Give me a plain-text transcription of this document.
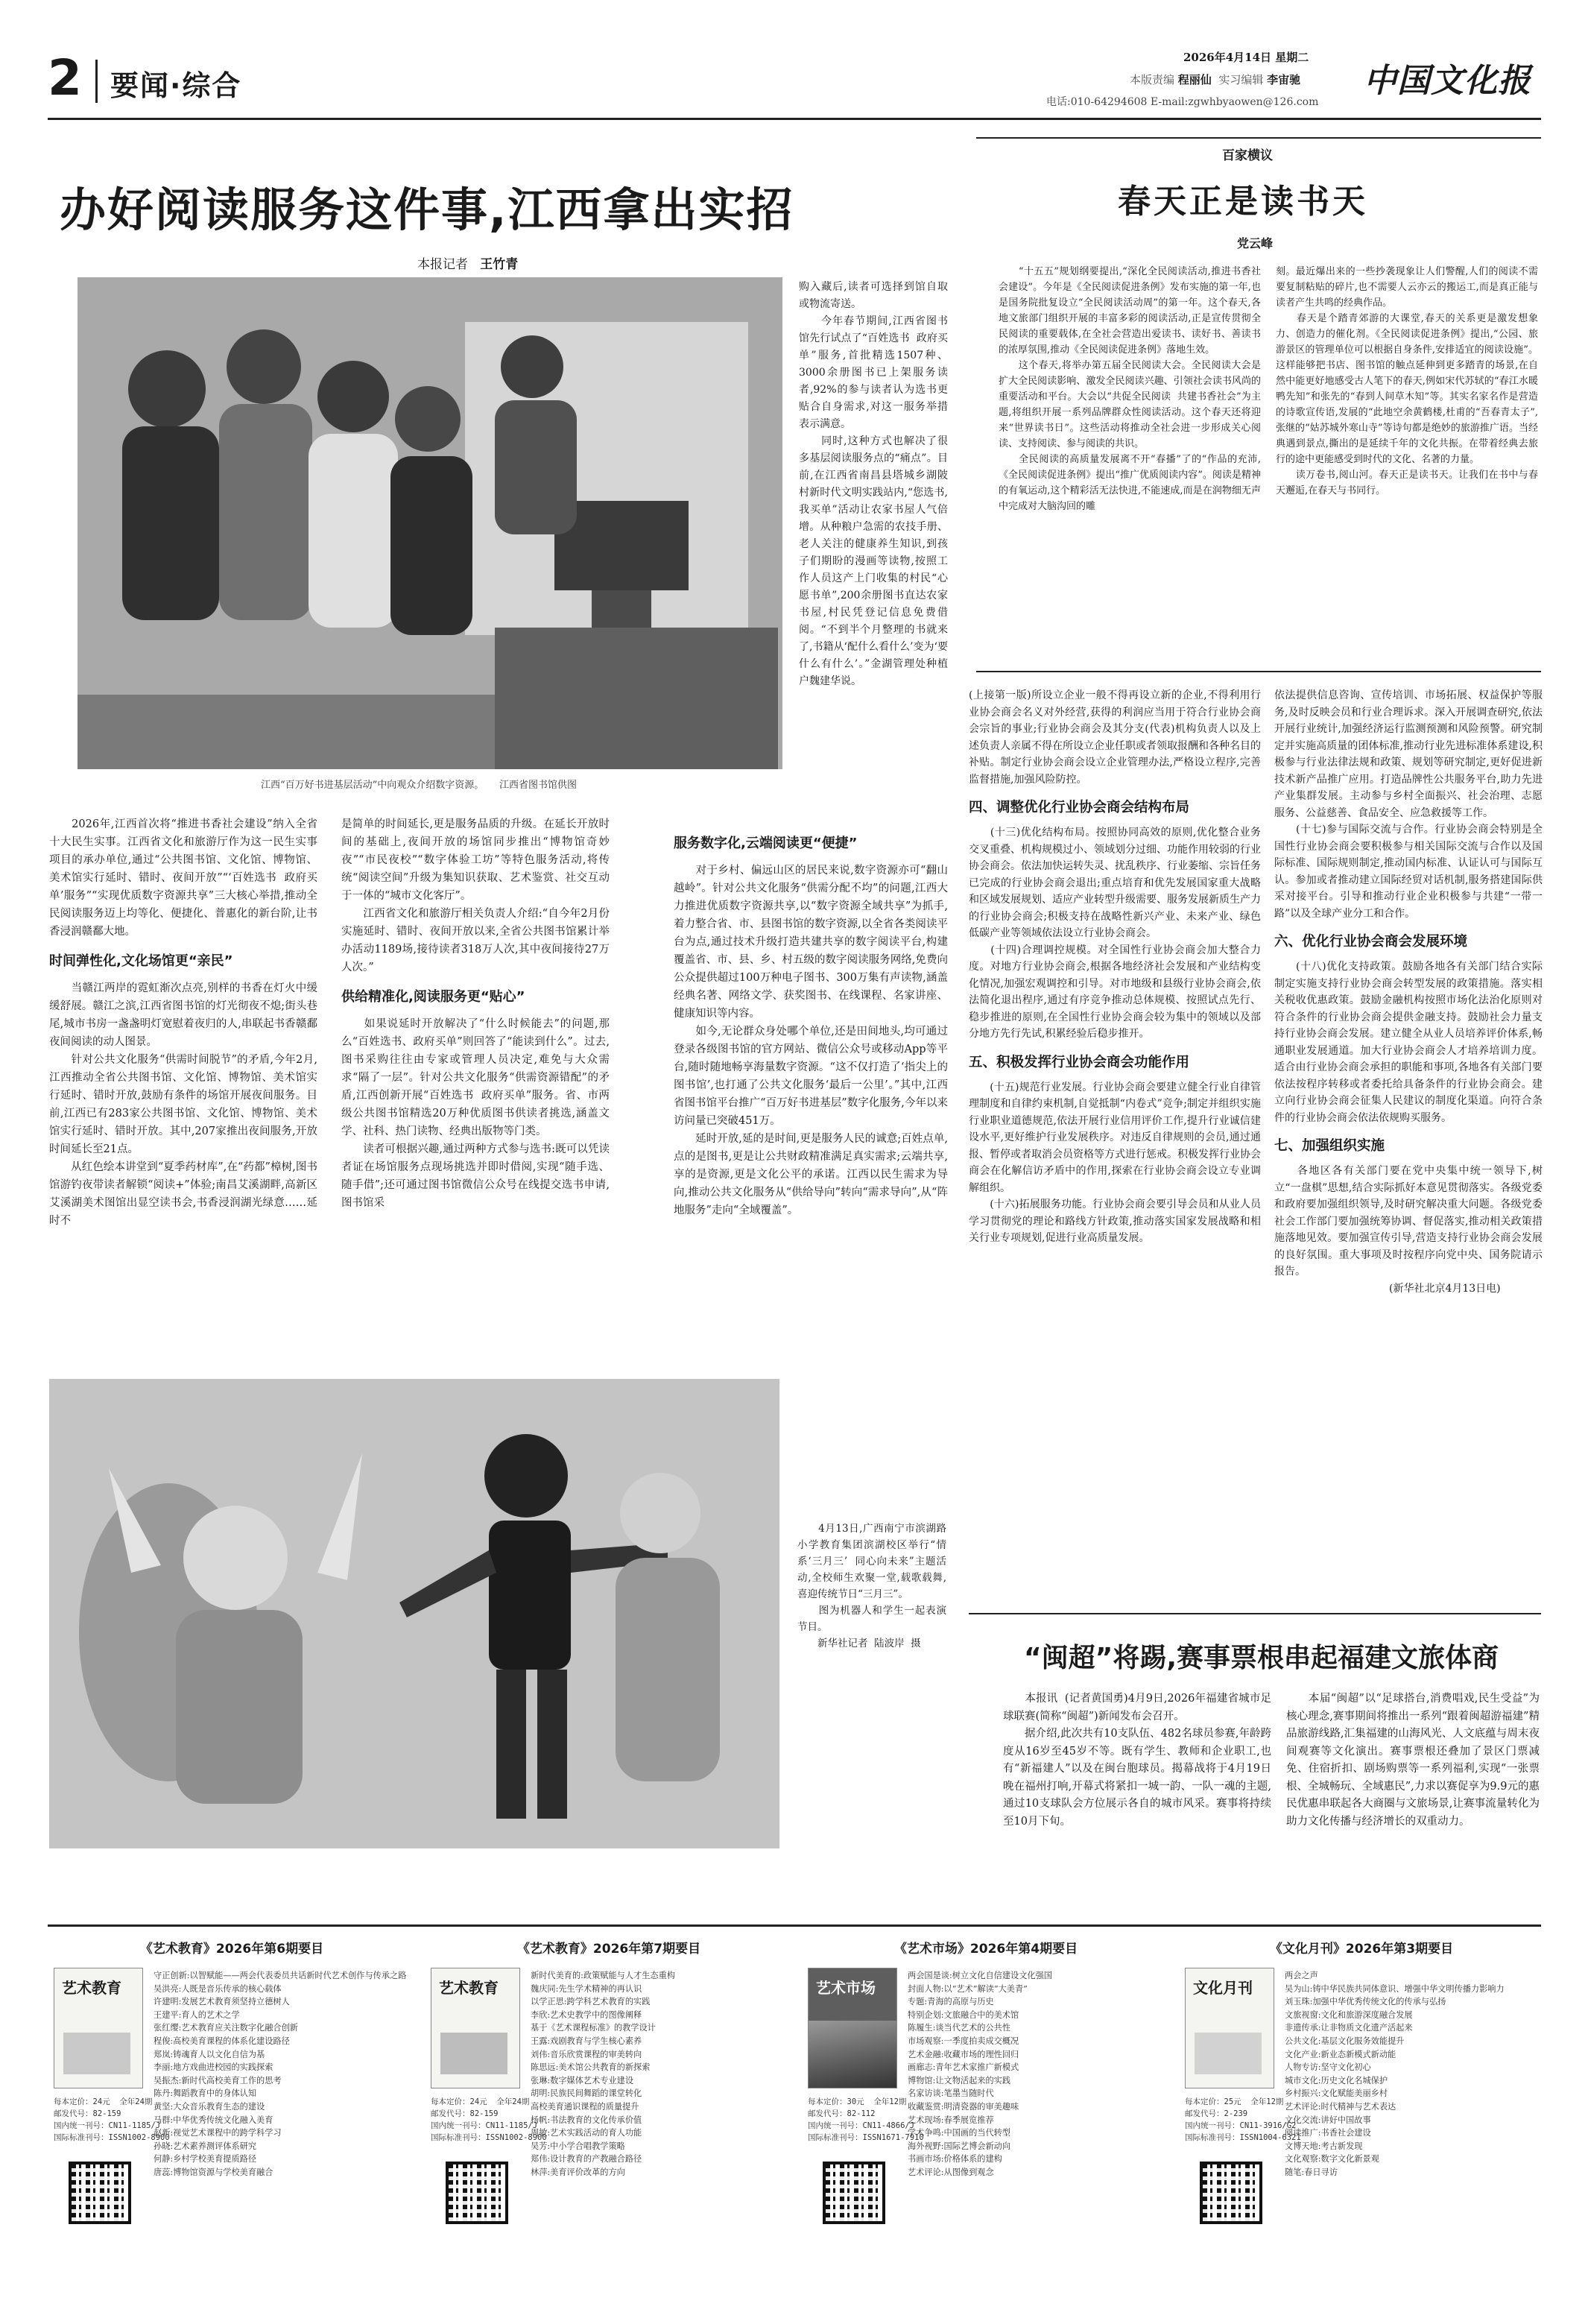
2 要闻·综合
2026年4月14日 星期二
本版责编 程丽仙 实习编辑 李宙驰
电话:010-64294608 E-mail:zgwhbyaowen@126.com
中国文化报
办好阅读服务这件事,江西拿出实招
本报记者 王竹青
江西“百万好书进基层活动”中向观众介绍数字资源。     江西省图书馆供图
购入藏后,读者可选择到馆自取或物流寄送。
　　今年春节期间,江西省图书馆先行试点了“百姓选书  政府买单”服务,首批精选1507种、3000余册图书已上架服务读者,92%的参与读者认为选书更贴合自身需求,对这一服务举措表示满意。
　　同时,这种方式也解决了很多基层阅读服务点的“痛点”。目前,在江西省南昌县塔城乡湖陂村新时代文明实践站内,“您选书,我买单”活动让农家书屋人气倍增。从种粮户急需的农技手册、老人关注的健康养生知识,到孩子们期盼的漫画等读物,按照工作人员这产上门收集的村民“心愿书单”,200余册图书直达农家书屋,村民凭登记信息免费借阅。“不到半个月整理的书就来了,书籍从‘配什么看什么’变为‘要什么有什么’。”金湖管理处种植户魏建华说。

　　2026年,江西首次将“推进书香社会建设”纳入全省十大民生实事。江西省文化和旅游厅作为这一民生实事项目的承办单位,通过“公共图书馆、文化馆、博物馆、美术馆实行延时、错时、夜间开放”“‘百姓选书  政府买单’服务”“实现优质数字资源共享”三大核心举措,推动全民阅读服务迈上均等化、便捷化、普惠化的新台阶,让书香浸润赣鄱大地。

时间弹性化,文化场馆更“亲民”

　　当赣江两岸的霓虹渐次点亮,别样的书香在灯火中缓缓舒展。赣江之滨,江西省图书馆的灯光彻夜不熄;街头巷尾,城市书房一盏盏明灯宽慰着夜归的人,串联起书香赣鄱夜间阅读的动人图景。
　　针对公共文化服务“供需时间脱节”的矛盾,今年2月,江西推动全省公共图书馆、文化馆、博物馆、美术馆实行延时、错时开放,鼓励有条件的场馆开展夜间服务。目前,江西已有283家公共图书馆、文化馆、博物馆、美术馆实行延时、错时开放。其中,207家推出夜间服务,开放时间延长至21点。
　　从红色绘本讲堂到“夏季药材库”,在“药都”樟树,图书馆游钓夜带读者解锁“阅读+”体验;南昌艾溪湖畔,高新区艾溪湖美术图馆出显空读书会,书香浸润湖光绿意……延时不

是简单的时间延长,更是服务品质的升级。在延长开放时间的基础上,夜间开放的场馆同步推出“博物馆奇妙夜”“市民夜校”“数字体验工坊”等特色服务活动,将传统“阅读空间”升级为集知识获取、艺术鉴赏、社交互动于一体的“城市文化客厅”。
　　江西省文化和旅游厅相关负责人介绍:“自今年2月份实施延时、错时、夜间开放以来,全省公共图书馆累计举办活动1189场,接待读者318万人次,其中夜间接待27万人次。”

供给精准化,阅读服务更“贴心”

　　如果说延时开放解决了“什么时候能去”的问题,那么“百姓选书、政府买单”则回答了“能读到什么”。过去,图书采购往往由专家或管理人员决定,难免与大众需求“隔了一层”。针对公共文化服务“供需资源错配”的矛盾,江西创新开展“百姓选书  政府买单”服务。省、市两级公共图书馆精选20万种优质图书供读者挑选,涵盖文学、社科、热门读物、经典出版物等门类。
　　读者可根据兴趣,通过两种方式参与选书:既可以凭读者证在场馆服务点现场挑选并即时借阅,实现“随手选、随手借”;还可通过图书馆微信公众号在线提交选书申请,图书馆采

服务数字化,云端阅读更“便捷”

　　对于乡村、偏远山区的居民来说,数字资源亦可“翻山越岭”。针对公共文化服务“供需分配不均”的问题,江西大力推进优质数字资源共享,以“数字资源全域共享”为抓手,着力整合省、市、县图书馆的数字资源,以全省各类阅读平台为点,通过技术升级打造共建共享的数字阅读平台,构建覆盖省、市、县、乡、村五级的数字阅读服务网络,免费向公众提供超过100万种电子图书、300万集有声读物,涵盖经典名著、网络文学、获奖图书、在线课程、名家讲座、健康知识等内容。
　　如今,无论群众身处哪个单位,还是田间地头,均可通过登录各级图书馆的官方网站、微信公众号或移动App等平台,随时随地畅享海量数字资源。“这不仅打造了‘指尖上的图书馆’,也打通了公共文化服务‘最后一公里’。”其中,江西省图书馆平台推广“百万好书进基层”数字化服务,今年以来访问量已突破451万。
　　延时开放,延的是时间,更是服务人民的诚意;百姓点单,点的是图书,更是让公共财政精准满足真实需求;云端共享,享的是资源,更是文化公平的承诺。江西以民生需求为导向,推动公共文化服务从“供给导向”转向“需求导向”,从“阵地服务”走向“全域覆盖”。

　　4月13日,广西南宁市滨湖路小学教育集团滨湖校区举行“情系‘三月三’  同心向未来”主题活动,全校师生欢聚一堂,载歌载舞,喜迎传统节日“三月三”。
　　图为机器人和学生一起表演节目。
　　新华社记者  陆波岸  摄
百家横议
春天正是读书天
党云峰
　　“十五五”规划纲要提出,“深化全民阅读活动,推进书香社会建设”。今年是《全民阅读促进条例》发布实施的第一年,也是国务院批复设立“全民阅读活动周”的第一年。这个春天,各地文旅部门组织开展的丰富多彩的阅读活动,正是宣传贯彻全民阅读的重要载体,在全社会营造出爱读书、读好书、善读书的浓厚氛围,推动《全民阅读促进条例》落地生效。
　　这个春天,将举办第五届全民阅读大会。全民阅读大会是扩大全民阅读影响、激发全民阅读兴趣、引领社会读书风尚的重要活动和平台。大会以“共促全民阅读  共建书香社会”为主题,将组织开展一系列品牌群众性阅读活动。这个春天还将迎来“世界读书日”。这些活动将推动全社会进一步形成关心阅读、支持阅读、参与阅读的共识。
　　全民阅读的高质量发展离不开“春播”了的“作品的充沛,《全民阅读促进条例》提出“推广优质阅读内容”。阅读是精神的有氧运动,这个精彩活无法快进,不能速成,而是在润物细无声中完成对大脑沟回的雕
刻。最近爆出来的一些抄袭现象让人们警醒,人们的阅读不需要复制粘贴的碎片,也不需要人云亦云的搬运工,而是真正能与读者产生共鸣的经典作品。
　　春天是个踏青郊游的大课堂,春天的关系更是激发想象力、创造力的催化剂。《全民阅读促进条例》提出,“公园、旅游景区的管理单位可以根据自身条件,安排适宜的阅读设施”。这样能够把书店、图书馆的触点延伸到更多踏青的场景,在自然中能更好地感受古人笔下的春天,例如宋代苏轼的“春江水暖鸭先知”和张先的“春到人间草木知”等。其实名家名作是营造的诗歌宣传语,发展的“此地空余黄鹤楼,杜甫的“吾春青太子”,张继的“姑苏城外寒山寺”等诗句都是绝妙的旅游推广语。当经典遇到景点,撕出的是延续千年的文化共振。在带着经典去旅行的途中更能感受到时代的文化、名著的力量。
　　读万卷书,阅山河。春天正是读书天。让我们在书中与春天邂逅,在春天与书同行。

(上接第一版)所设立企业一般不得再设立新的企业,不得利用行业协会商会名义对外经营,获得的利润应当用于符合行业协会商会宗旨的事业;行业协会商会及其分支(代表)机构负责人以及上述负责人亲属不得在所设立企业任职或者领取报酬和各种名目的补贴。制定行业协会商会设立企业管理办法,严格设立程序,完善监督措施,加强风险防控。

四、调整优化行业协会商会结构布局

　　(十三)优化结构布局。按照协同高效的原则,优化整合业务交叉重叠、机构规模过小、领域划分过细、功能作用较弱的行业协会商会。依法加快运转失灵、扰乱秩序、行业萎缩、宗旨任务已完成的行业协会商会退出;重点培育和优先发展国家重大战略和区域发展规划、适应产业转型升级需要、服务发展新质生产力的行业协会商会;积极支持在战略性新兴产业、未来产业、绿色低碳产业等领域依法设立行业协会商会。
　　(十四)合理调控规模。对全国性行业协会商会加大整合力度。对地方行业协会商会,根据各地经济社会发展和产业结构变化情况,加强宏观调控和引导。对市地级和县级行业协会商会,依法简化退出程序,通过有序竞争推动总体规模、按照试点先行、稳步推进的原则,在全国性行业协会商会较为集中的领域以及部分地方先行先试,积累经验后稳步推开。

五、积极发挥行业协会商会功能作用

　　(十五)规范行业发展。行业协会商会要建立健全行业自律管理制度和自律约束机制,自觉抵制“内卷式”竞争;制定并组织实施行业职业道德规范,依法开展行业信用评价工作,提升行业诚信建设水平,更好维护行业发展秩序。对违反自律规则的会员,通过通报、暂停或者取消会员资格等方式进行惩戒。积极发挥行业协会商会在化解信访矛盾中的作用,探索在行业协会商会设立专业调解组织。
　　(十六)拓展服务功能。行业协会商会要引导会员和从业人员学习贯彻党的理论和路线方针政策,推动落实国家发展战略和相关行业专项规划,促进行业高质量发展。

依法提供信息咨询、宣传培训、市场拓展、权益保护等服务,及时反映会员和行业合理诉求。深入开展调查研究,依法开展行业统计,加强经济运行监测预测和风险预警。研究制定并实施高质量的团体标准,推动行业先进标准体系建设,积极参与行业法律法规和政策、规划等研究制定,更好促进新技术新产品推广应用。打造品牌性公共服务平台,助力先进产业集群发展。主动参与乡村全面振兴、社会治理、志愿服务、公益慈善、食品安全、应急救援等工作。
　　(十七)参与国际交流与合作。行业协会商会特别是全国性行业协会商会要积极参与相关国际交流与合作以及国际标准、国际规则制定,推动国内标准、认证认可与国际互认。参加或者推动建立国际经贸对话机制,服务搭建国际供采对接平台。引导和推动行业企业积极参与共建“一带一路”以及全球产业分工和合作。

六、优化行业协会商会发展环境

　　(十八)优化支持政策。鼓励各地各有关部门结合实际制定实施支持行业协会商会转型发展的政策措施。落实相关税收优惠政策。鼓励金融机构按照市场化法治化原则对符合条件的行业协会商会提供金融支持。鼓励社会力量支持行业协会商会发展。建立健全从业人员培养评价体系,畅通职业发展通道。加大行业协会商会人才培养培训力度。适合由行业协会商会承担的职能和事项,各地各有关部门要依法按程序转移或者委托给具备条件的行业协会商会。建立向行业协会商会征集人民建议的制度化渠道。向符合条件的行业协会商会依法依规购买服务。

七、加强组织实施

　　各地区各有关部门要在党中央集中统一领导下,树立“一盘棋”思想,结合实际抓好本意见贯彻落实。各级党委和政府要加强组织领导,及时研究解决重大问题。各级党委社会工作部门要加强统筹协调、督促落实,推动相关政策措施落地见效。要加强宣传引导,营造支持行业协会商会发展的良好氛围。重大事项及时按程序向党中央、国务院请示报告。
　　　　　　　　　　　(新华社北京4月13日电)

“闽超”将踢,赛事票根串起福建文旅体商
　　本报讯  (记者黄国勇)4月9日,2026年福建省城市足球联赛(简称“闽超”)新闻发布会召开。
　　据介绍,此次共有10支队伍、482名球员参赛,年龄跨度从16岁至45岁不等。既有学生、教师和企业职工,也有“新福建人”以及在闽台胞球员。揭幕战将于4月19日晚在福州打响,开幕式将紧扣一城一韵、一队一魂的主题,通过10支球队会方位展示各自的城市风采。赛事将持续至10月下旬。
　　本届“闽超”以“足球搭台,消费唱戏,民生受益”为核心理念,赛事期间将推出一系列“跟着闽超游福建”精品旅游线路,汇集福建的山海风光、人文底蕴与周末夜间观赛等文化演出。赛事票根还叠加了景区门票减免、住宿折扣、剧场购票等一系列福利,实现“一张票根、全城畅玩、全域惠民”,力求以赛促享为9.9元的惠民优惠串联起各大商圈与文旅场景,让赛事流量转化为助力文化传播与经济增长的双重动力。
《艺术教育》2026年第6期要目
艺术教育
每本定价：24元  全年24期
邮发代号：82-159
国内统一刊号：CN11-1185/J
国际标准刊号：ISSN1002-8900
守正创新:以智赋能——两会代表委员共话新时代艺术创作与传承之路
吴洪亮:人既是音乐传承的核心载体
许建明:发展艺术教育须坚持立德树人
王建平:育人的艺术之学
张红缨:艺术教育应关注数字化融合创新
程俊:高校美育课程的体系化建设路径
郑岚:铸魂育人以文化自信为基
李丽:地方戏曲进校园的实践探索
吴振杰:新时代高校美育工作的思考
陈丹:舞蹈教育中的身体认知
黄坚:大众音乐教育生态的建设
马群:中华优秀传统文化融入美育
赵新:视觉艺术课程中的跨学科学习
孙晓:艺术素养测评体系研究
何静:乡村学校美育提质路径
唐蕊:博物馆资源与学校美育融合
《艺术教育》2026年第7期要目
艺术教育
每本定价：24元  全年24期
邮发代号：82-159
国内统一刊号：CN11-1185/J
国际标准刊号：ISSN1002-8900
新时代美育的:政策赋能与人才生态重构
魏庆同:先生学术精神的再认识
以学正思:跨学科艺术教育的实践
李欣:艺术史教学中的图像阐释
基于《艺术课程标准》的教学设计
王露:戏剧教育与学生核心素养
刘伟:音乐欣赏课程的审美转向
陈思远:美术馆公共教育的新探索
张琳:数字媒体艺术专业建设
胡明:民族民间舞蹈的课堂转化
高校美育通识课程的质量提升
杨帆:书法教育的文化传承价值
周敏:艺术实践活动的育人功能
吴芳:中小学合唱教学策略
郑伟:设计教育的产教融合路径
林萍:美育评价改革的方向
《艺术市场》2026年第4期要目
艺术市场
每本定价：30元  全年12期
邮发代号：82-112
国内统一刊号：CN11-4866/J
国际标准刊号：ISSN1671-7910
两会国是谈:树立文化自信建设文化强国
封面人物:以“艺术”解读“大美青”
专题:青海的高原与历史
特别企划:文旅融合中的美术馆
陈履生:谈当代艺术的公共性
市场观察:一季度拍卖成交概况
艺术金融:收藏市场的理性回归
画廊志:青年艺术家推广新模式
博物馆:让文物活起来的实践
名家访谈:笔墨当随时代
收藏鉴赏:明清瓷器的审美趣味
艺术现场:春季展览推荐
学术争鸣:中国画的当代转型
海外视野:国际艺博会新动向
书画市场:价格体系的建构
艺术评论:从图像到观念
《文化月刊》2026年第3期要目
文化月刊
每本定价：25元  全年12期
邮发代号：2-239
国内统一刊号：CN11-3916/G2
国际标准刊号：ISSN1004-6321
两会之声
吴为山:铸中华民族共同体意识、增强中华文明传播力影响力
刘玉珠:加强中华优秀传统文化的传承与弘扬
文旅视窗:文化和旅游深度融合发展
非遗传承:让非物质文化遗产活起来
公共文化:基层文化服务效能提升
文化产业:新业态新模式新动能
人物专访:坚守文化初心
城市文化:历史文化名城保护
乡村振兴:文化赋能美丽乡村
艺术评论:时代精神与艺术表达
文化交流:讲好中国故事
阅读推广:书香社会建设
文博天地:考古新发现
文化观察:数字文化新景观
随笔:春日寻访
